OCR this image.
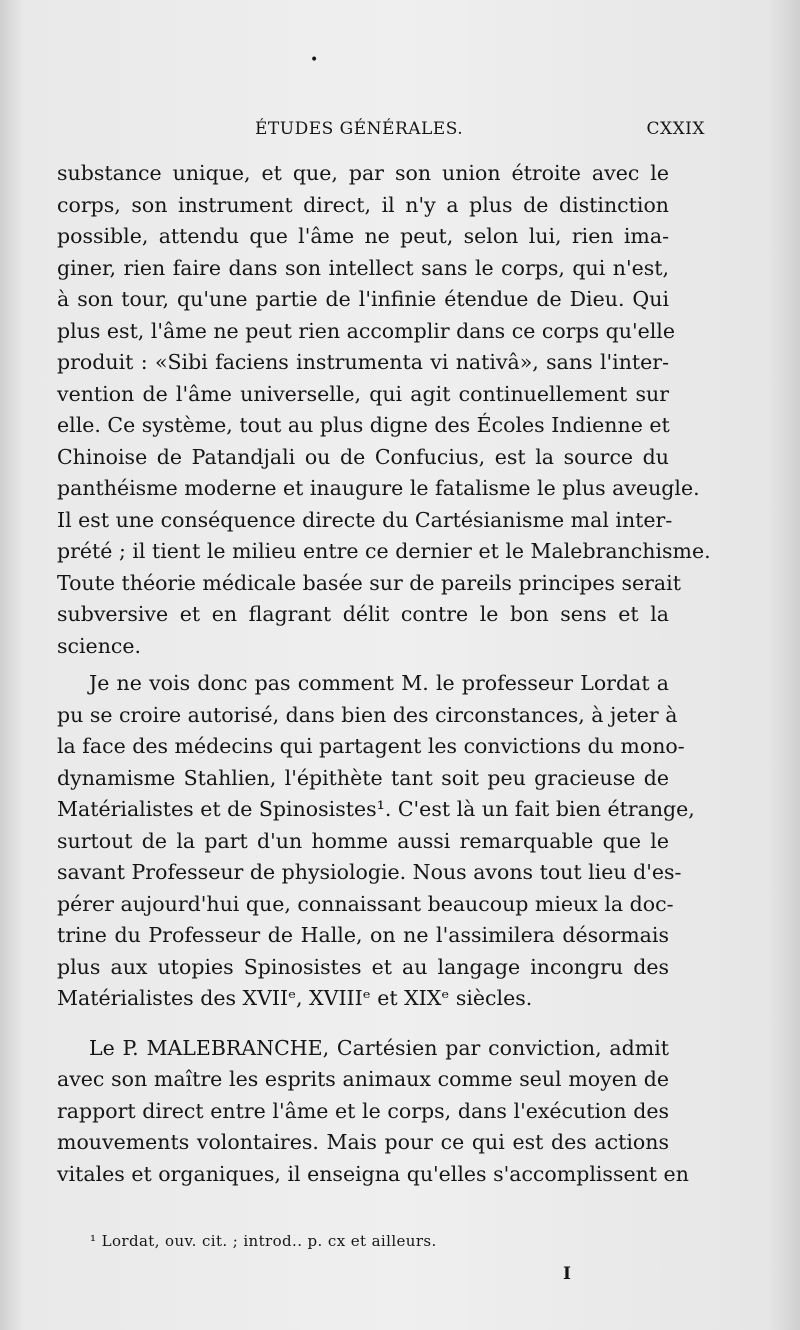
•
ÉTUDES GÉNÉRALES.	CXXIX
substance unique, et que, par son union étroite avec le
corps, son instrument direct, il n'y a plus de distinction
possible, attendu que l'âme ne peut, selon lui, rien ima-
giner, rien faire dans son intellect sans le corps, qui n'est,
à son tour, qu'une partie de l'infinie étendue de Dieu. Qui
plus est, l'âme ne peut rien accomplir dans ce corps qu'elle
produit : «Sibi faciens instrumenta vi nativâ», sans l'inter-
vention de l'âme universelle, qui agit continuellement sur
elle. Ce système, tout au plus digne des Écoles Indienne et
Chinoise de Patandjali ou de Confucius, est la source du
panthéisme moderne et inaugure le fatalisme le plus aveugle.
Il est une conséquence directe du Cartésianisme mal inter-
prété ; il tient le milieu entre ce dernier et le Malebranchisme.
Toute théorie médicale basée sur de pareils principes serait
subversive et en flagrant délit contre le bon sens et la
science.
Je ne vois donc pas comment M. le professeur Lordat a
pu se croire autorisé, dans bien des circonstances, à jeter à
la face des médecins qui partagent les convictions du mono-
dynamisme Stahlien, l'épithète tant soit peu gracieuse de
Matérialistes et de Spinosistes¹. C'est là un fait bien étrange,
surtout de la part d'un homme aussi remarquable que le
savant Professeur de physiologie. Nous avons tout lieu d'es-
pérer aujourd'hui que, connaissant beaucoup mieux la doc-
trine du Professeur de Halle, on ne l'assimilera désormais
plus aux utopies Spinosistes et au langage incongru des
Matérialistes des XVIIᵉ, XVIIIᵉ et XIXᵉ siècles.
Le P. MALEBRANCHE, Cartésien par conviction, admit
avec son maître les esprits animaux comme seul moyen de
rapport direct entre l'âme et le corps, dans l'exécution des
mouvements volontaires. Mais pour ce qui est des actions
vitales et organiques, il enseigna qu'elles s'accomplissent en
¹ Lordat, ouv. cit. ; introd.. p. cx et ailleurs.
I
